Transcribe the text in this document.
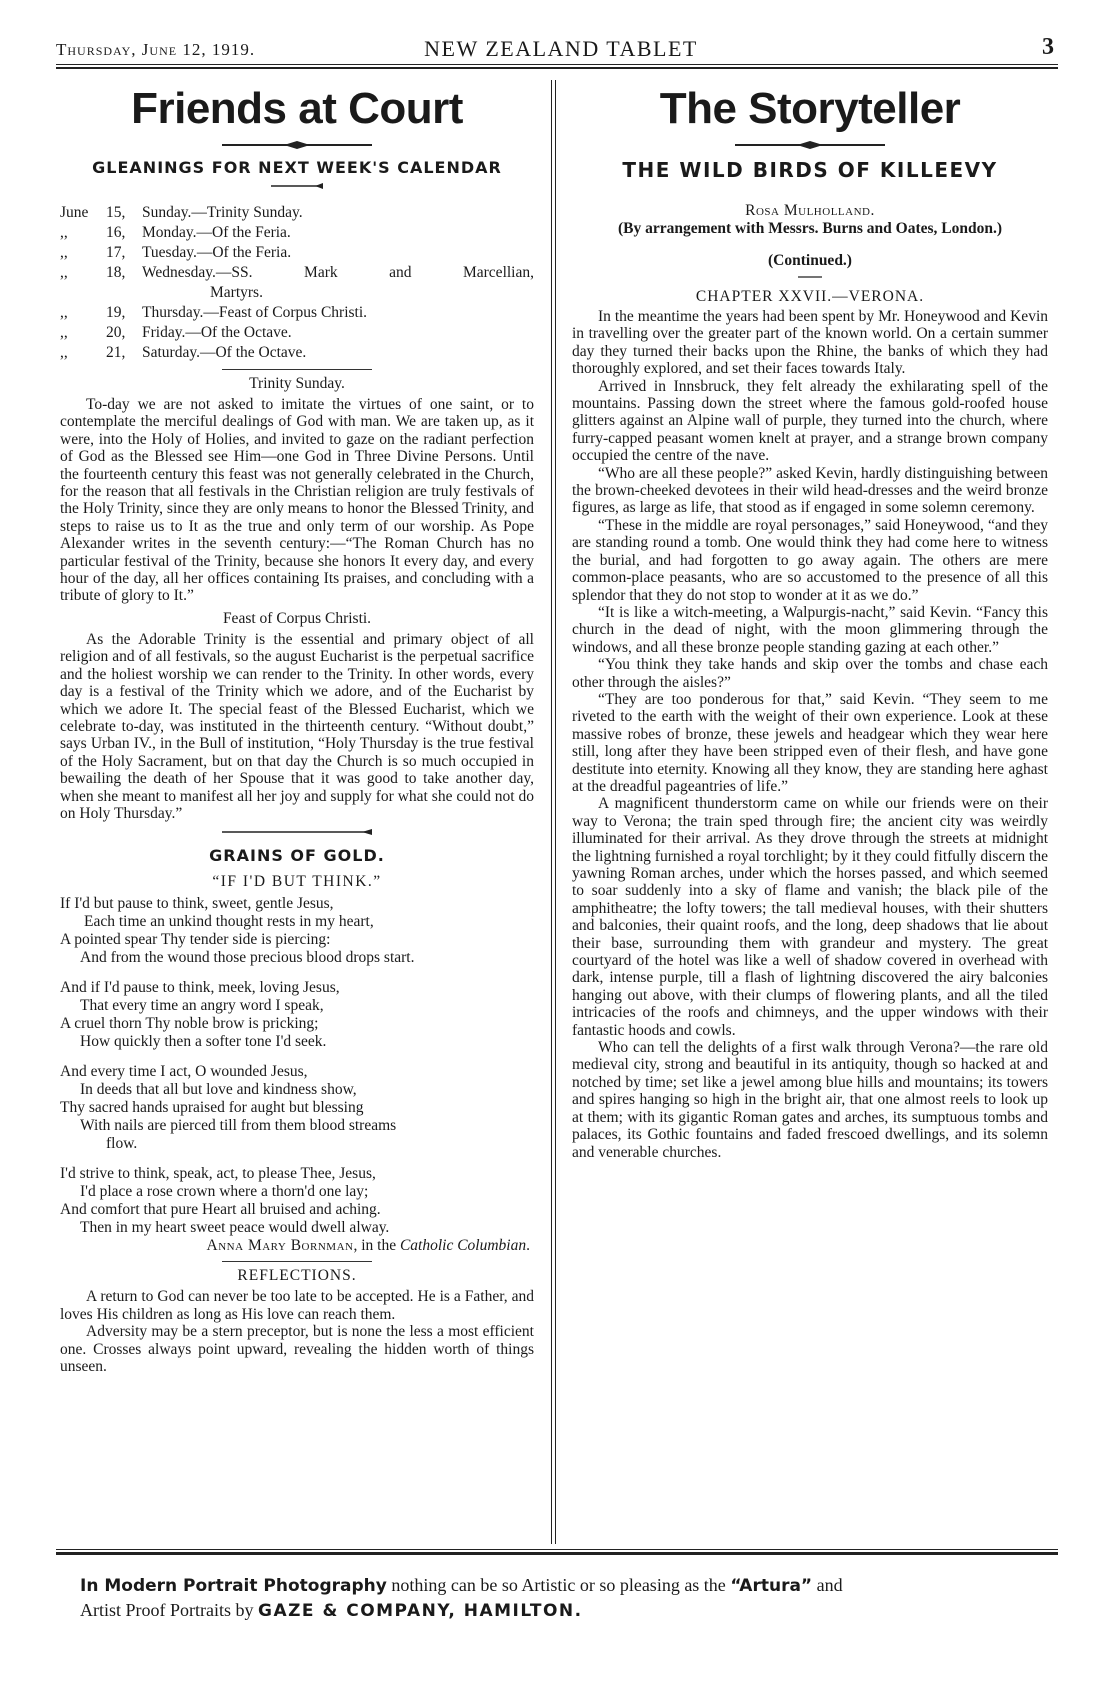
Thursday, June 12, 1919.	NEW ZEALAND TABLET	3
Friends at Court
GLEANINGS FOR NEXT WEEK'S CALENDAR
June	15,	Sunday.—Trinity Sunday.
,,	16,	Monday.—Of the Feria.
,,	17,	Tuesday.—Of the Feria.
,,	18,	Wednesday.—SS. Mark and Marcellian,
Martyrs.
,,	19,	Thursday.—Feast of Corpus Christi.
,,	20,	Friday.—Of the Octave.
,,	21,	Saturday.—Of the Octave.
Trinity Sunday.

To-day we are not asked to imitate the virtues of one saint, or to contemplate the merciful dealings of God with man. We are taken up, as it were, into the Holy of Holies, and invited to gaze on the radiant perfection of God as the Blessed see Him—one God in Three Divine Persons. Until the fourteenth century this feast was not generally celebrated in the Church, for the reason that all festivals in the Christian religion are truly festivals of the Holy Trinity, since they are only means to honor the Blessed Trinity, and steps to raise us to It as the true and only term of our worship. As Pope Alexander writes in the seventh century:—“The Roman Church has no particular festival of the Trinity, because she honors It every day, and every hour of the day, all her offices containing Its praises, and concluding with a tribute of glory to It.”

Feast of Corpus Christi.

As the Adorable Trinity is the essential and primary object of all religion and of all festivals, so the august Eucharist is the perpetual sacrifice and the holiest worship we can render to the Trinity. In other words, every day is a festival of the Trinity which we adore, and of the Eucharist by which we adore It. The special feast of the Blessed Eucharist, which we celebrate to-day, was instituted in the thirteenth century. “Without doubt,” says Urban IV., in the Bull of institution, “Holy Thursday is the true festival of the Holy Sacrament, but on that day the Church is so much occupied in bewailing the death of her Spouse that it was good to take another day, when she meant to manifest all her joy and supply for what she could not do on Holy Thursday.”

GRAINS OF GOLD.
“IF I'D BUT THINK.”
If I'd but pause to think, sweet, gentle Jesus,
Each time an unkind thought rests in my heart,
A pointed spear Thy tender side is piercing:
And from the wound those precious blood drops start.
And if I'd pause to think, meek, loving Jesus,
That every time an angry word I speak,
A cruel thorn Thy noble brow is pricking;
How quickly then a softer tone I'd seek.
And every time I act, O wounded Jesus,
In deeds that all but love and kindness show,
Thy sacred hands upraised for aught but blessing
With nails are pierced till from them blood streams
flow.
I'd strive to think, speak, act, to please Thee, Jesus,
I'd place a rose crown where a thorn'd one lay;
And comfort that pure Heart all bruised and aching.
Then in my heart sweet peace would dwell alway.
Anna Mary Bornman, in the Catholic Columbian.
REFLECTIONS.

A return to God can never be too late to be accepted. He is a Father, and loves His children as long as His love can reach them.

Adversity may be a stern preceptor, but is none the less a most efficient one. Crosses always point upward, revealing the hidden worth of things unseen.

The Storyteller
THE WILD BIRDS OF KILLEEVY
Rosa Mulholland.
(By arrangement with Messrs. Burns and Oates, London.)
(Continued.)
CHAPTER XXVII.—VERONA.

In the meantime the years had been spent by Mr. Honeywood and Kevin in travelling over the greater part of the known world. On a certain summer day they turned their backs upon the Rhine, the banks of which they had thoroughly explored, and set their faces towards Italy.

Arrived in Innsbruck, they felt already the exhilarating spell of the mountains. Passing down the street where the famous gold-roofed house glitters against an Alpine wall of purple, they turned into the church, where furry-capped peasant women knelt at prayer, and a strange brown company occupied the centre of the nave.

“Who are all these people?” asked Kevin, hardly distinguishing between the brown-cheeked devotees in their wild head-dresses and the weird bronze figures, as large as life, that stood as if engaged in some solemn ceremony.

“These in the middle are royal personages,” said Honeywood, “and they are standing round a tomb. One would think they had come here to witness the burial, and had forgotten to go away again. The others are mere common-place peasants, who are so accustomed to the presence of all this splendor that they do not stop to wonder at it as we do.”

“It is like a witch-meeting, a Walpurgis-nacht,” said Kevin. “Fancy this church in the dead of night, with the moon glimmering through the windows, and all these bronze people standing gazing at each other.”

“You think they take hands and skip over the tombs and chase each other through the aisles?”

“They are too ponderous for that,” said Kevin. “They seem to me riveted to the earth with the weight of their own experience. Look at these massive robes of bronze, these jewels and headgear which they wear here still, long after they have been stripped even of their flesh, and have gone destitute into eternity. Knowing all they know, they are standing here aghast at the dreadful pageantries of life.”

A magnificent thunderstorm came on while our friends were on their way to Verona; the train sped through fire; the ancient city was weirdly illuminated for their arrival. As they drove through the streets at midnight the lightning furnished a royal torchlight; by it they could fitfully discern the yawning Roman arches, under which the horses passed, and which seemed to soar suddenly into a sky of flame and vanish; the black pile of the amphitheatre; the lofty towers; the tall medieval houses, with their shutters and balconies, their quaint roofs, and the long, deep shadows that lie about their base, surrounding them with grandeur and mystery. The great courtyard of the hotel was like a well of shadow covered in overhead with dark, intense purple, till a flash of lightning discovered the airy balconies hanging out above, with their clumps of flowering plants, and all the tiled intricacies of the roofs and chimneys, and the upper windows with their fantastic hoods and cowls.

Who can tell the delights of a first walk through Verona?—the rare old medieval city, strong and beautiful in its antiquity, though so hacked at and notched by time; set like a jewel among blue hills and mountains; its towers and spires hanging so high in the bright air, that one almost reels to look up at them; with its gigantic Roman gates and arches, its sumptuous tombs and palaces, its Gothic fountains and faded frescoed dwellings, and its solemn and venerable churches.

In Modern Portrait Photography nothing can be so Artistic or so pleasing as the “Artura” and
Artist Proof Portraits by GAZE & COMPANY, HAMILTON.
